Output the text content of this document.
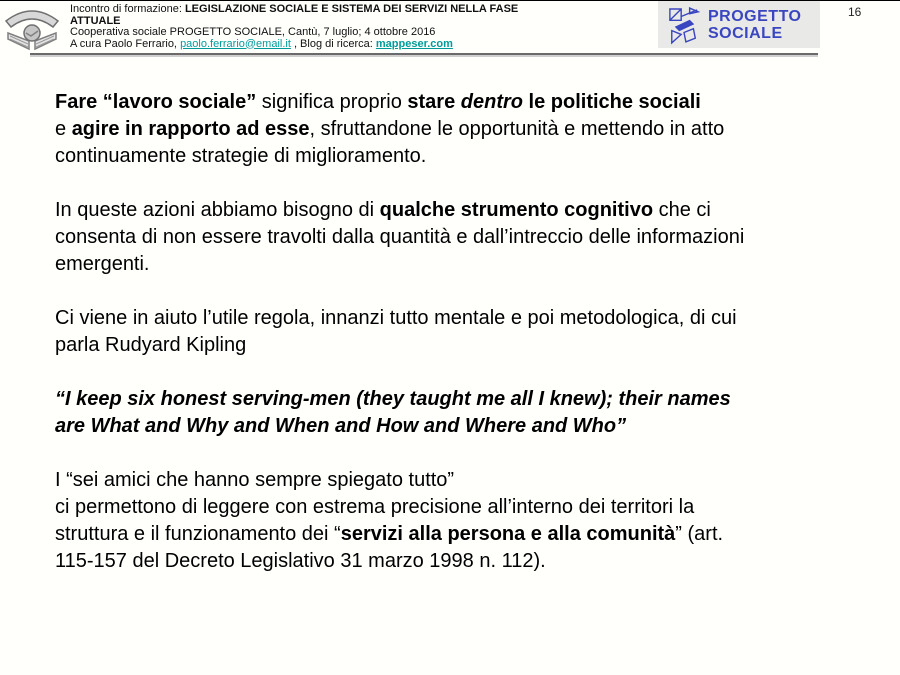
Incontro di formazione: LEGISLAZIONE SOCIALE E SISTEMA DEI SERVIZI NELLA FASE
ATTUALE
Cooperativa sociale PROGETTO SOCIALE, Cantù, 7 luglio; 4 ottobre 2016
A cura Paolo Ferrario, paolo.ferrario@email.it , Blog di ricerca: mappeser.com
PROGETTO
SOCIALE
16

Fare “lavoro sociale” significa proprio stare dentro le politiche sociali
e agire in rapporto ad esse, sfruttandone le opportunità e mettendo in atto
continuamente strategie di miglioramento.

In queste azioni abbiamo bisogno di qualche strumento cognitivo che ci
consenta di non essere travolti dalla quantità e dall’intreccio delle informazioni
emergenti.

Ci viene in aiuto l’utile regola, innanzi tutto mentale e poi metodologica, di cui
parla Rudyard Kipling

“I keep six honest serving-men (they taught me all I knew); their names
are What and Why and When and How and Where and Who”

I “sei amici che hanno sempre spiegato tutto”
ci permettono di leggere con estrema precisione all’interno dei territori la
struttura e il funzionamento dei “servizi alla persona e alla comunità” (art.
115-157 del Decreto Legislativo 31 marzo 1998 n. 112).
